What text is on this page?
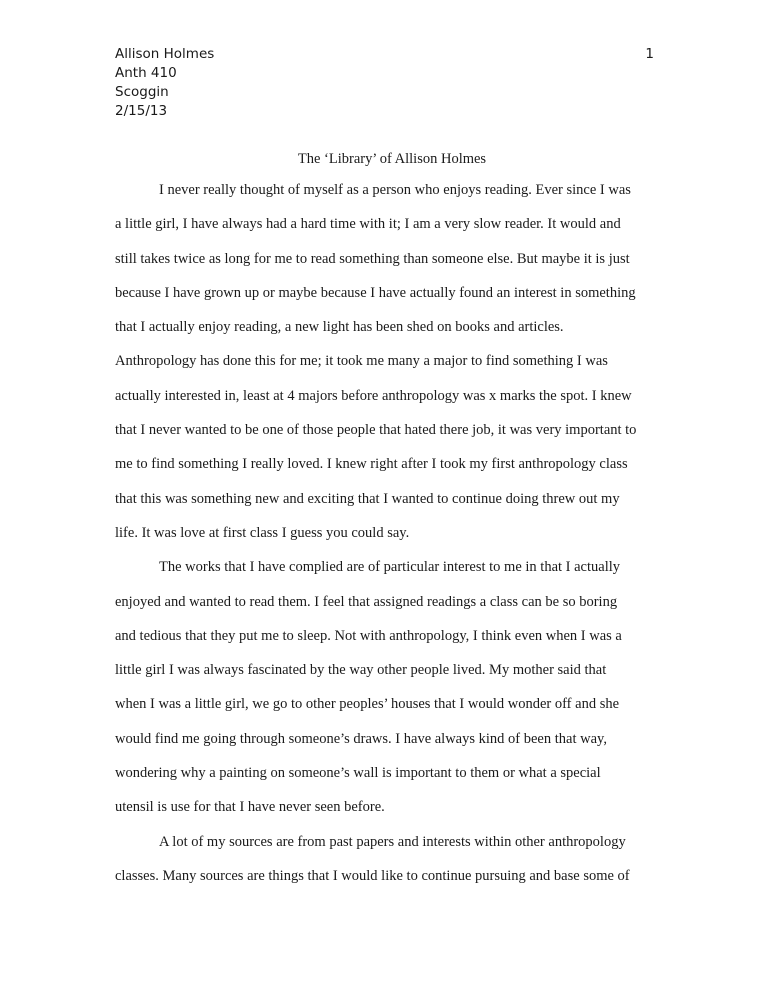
Allison Holmes
Anth 410
Scoggin
2/15/13
1
The ‘Library’ of Allison Holmes
I never really thought of myself as a person who enjoys reading. Ever since I was
a little girl, I have always had a hard time with it; I am a very slow reader. It would and
still takes twice as long for me to read something than someone else. But maybe it is just
because I have grown up or maybe because I have actually found an interest in something
that I actually enjoy reading, a new light has been shed on books and articles.
Anthropology has done this for me; it took me many a major to find something I was
actually interested in, least at 4 majors before anthropology was x marks the spot. I knew
that I never wanted to be one of those people that hated there job, it was very important to
me to find something I really loved. I knew right after I took my first anthropology class
that this was something new and exciting that I wanted to continue doing threw out my
life. It was love at first class I guess you could say.
The works that I have complied are of particular interest to me in that I actually
enjoyed and wanted to read them. I feel that assigned readings a class can be so boring
and tedious that they put me to sleep. Not with anthropology, I think even when I was a
little girl I was always fascinated by the way other people lived. My mother said that
when I was a little girl, we go to other peoples’ houses that I would wonder off and she
would find me going through someone’s draws. I have always kind of been that way,
wondering why a painting on someone’s wall is important to them or what a special
utensil is use for that I have never seen before.
A lot of my sources are from past papers and interests within other anthropology
classes. Many sources are things that I would like to continue pursuing and base some of
